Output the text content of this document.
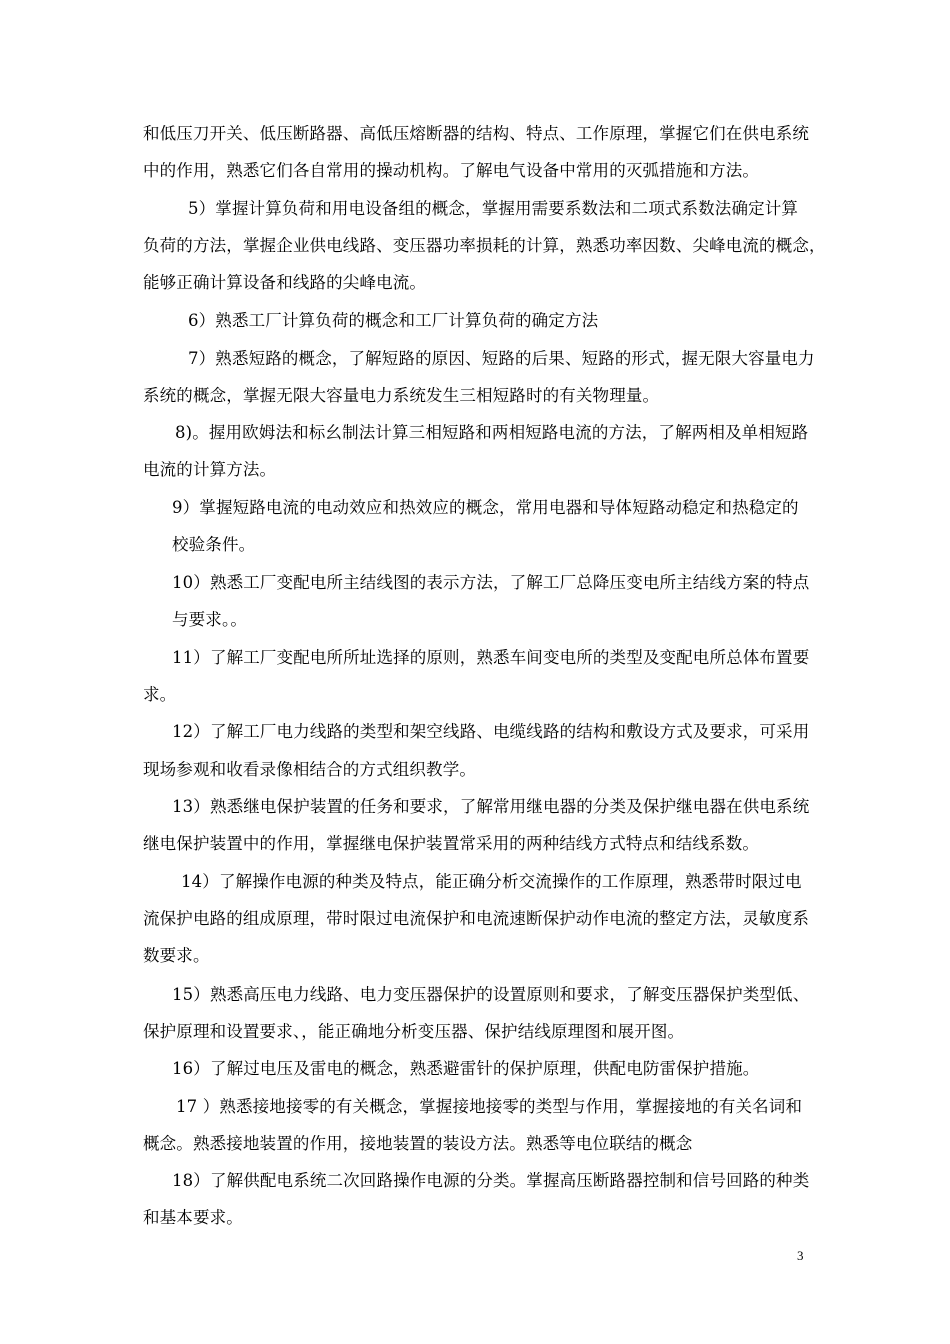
和低压刀开关、低压断路器、高低压熔断器的结构、特点、工作原理，掌握它们在供电系统
中的作用，熟悉它们各自常用的操动机构。了解电气设备中常用的灭弧措施和方法。
5）掌握计算负荷和用电设备组的概念，掌握用需要系数法和二项式系数法确定计算
负荷的方法，掌握企业供电线路、变压器功率损耗的计算，熟悉功率因数、尖峰电流的概念，
能够正确计算设备和线路的尖峰电流。
6）熟悉工厂计算负荷的概念和工厂计算负荷的确定方法
7）熟悉短路的概念，了解短路的原因、短路的后果、短路的形式，握无限大容量电力
系统的概念，掌握无限大容量电力系统发生三相短路时的有关物理量。
8)。握用欧姆法和标幺制法计算三相短路和两相短路电流的方法，了解两相及单相短路
电流的计算方法。
9）掌握短路电流的电动效应和热效应的概念，常用电器和导体短路动稳定和热稳定的
校验条件。
10）熟悉工厂变配电所主结线图的表示方法，了解工厂总降压变电所主结线方案的特点
与要求。。
11）了解工厂变配电所所址选择的原则，熟悉车间变电所的类型及变配电所总体布置要
求。
12）了解工厂电力线路的类型和架空线路、电缆线路的结构和敷设方式及要求，可采用
现场参观和收看录像相结合的方式组织教学。
13）熟悉继电保护装置的任务和要求，了解常用继电器的分类及保护继电器在供电系统
继电保护装置中的作用，掌握继电保护装置常采用的两种结线方式特点和结线系数。
14）了解操作电源的种类及特点，能正确分析交流操作的工作原理，熟悉带时限过电
流保护电路的组成原理，带时限过电流保护和电流速断保护动作电流的整定方法，灵敏度系
数要求。
15）熟悉高压电力线路、电力变压器保护的设置原则和要求，了解变压器保护类型低、
保护原理和设置要求、，能正确地分析变压器、保护结线原理图和展开图。
16）了解过电压及雷电的概念，熟悉避雷针的保护原理，供配电防雷保护措施。
17 ）熟悉接地接零的有关概念，掌握接地接零的类型与作用，掌握接地的有关名词和
概念。熟悉接地装置的作用，接地装置的装设方法。熟悉等电位联结的概念
18）了解供配电系统二次回路操作电源的分类。掌握高压断路器控制和信号回路的种类
和基本要求。
3
